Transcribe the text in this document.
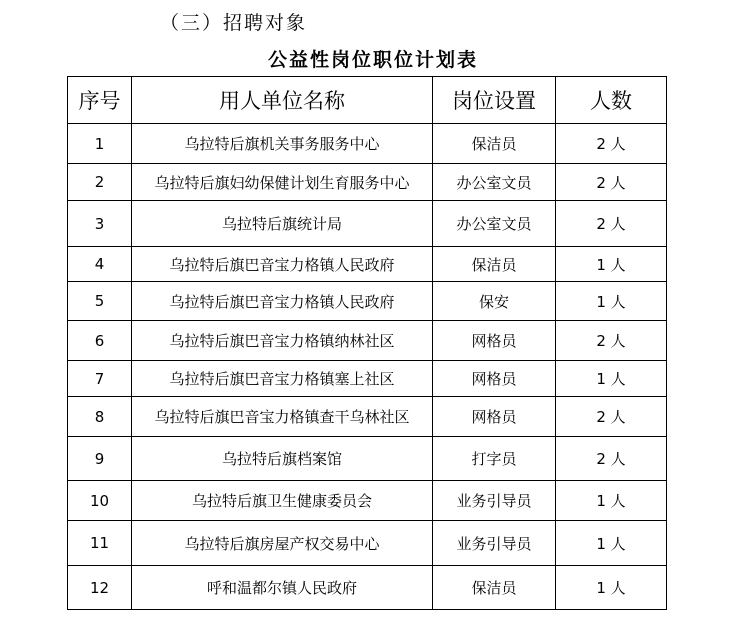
（三）招聘对象
公益性岗位职位计划表
序号	用人单位名称	岗位设置	人数
1	乌拉特后旗机关事务服务中心	保洁员	2 人
2	乌拉特后旗妇幼保健计划生育服务中心	办公室文员	2 人
3	乌拉特后旗统计局	办公室文员	2 人
4	乌拉特后旗巴音宝力格镇人民政府	保洁员	1 人
5	乌拉特后旗巴音宝力格镇人民政府	保安	1 人
6	乌拉特后旗巴音宝力格镇纳林社区	网格员	2 人
7	乌拉特后旗巴音宝力格镇塞上社区	网格员	1 人
8	乌拉特后旗巴音宝力格镇查干乌林社区	网格员	2 人
9	乌拉特后旗档案馆	打字员	2 人
10	乌拉特后旗卫生健康委员会	业务引导员	1 人
11	乌拉特后旗房屋产权交易中心	业务引导员	1 人
12	呼和温都尔镇人民政府	保洁员	1 人
